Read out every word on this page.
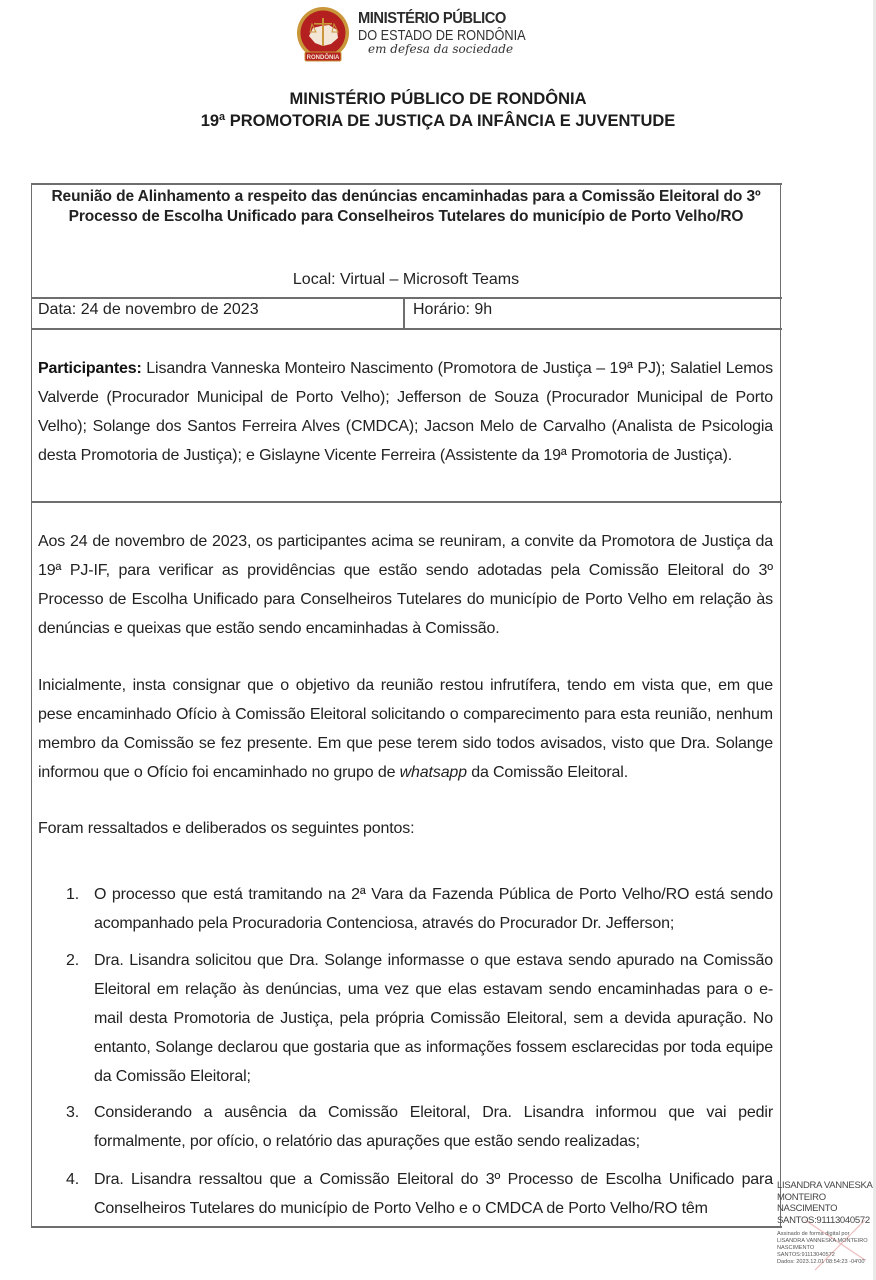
RONDÔNIA
MINISTÉRIO PÚBLICO
DO ESTADO DE RONDÔNIA
em defesa da sociedade
MINISTÉRIO PÚBLICO DE RONDÔNIA
19ª PROMOTORIA DE JUSTIÇA DA INFÂNCIA E JUVENTUDE
Reunião de Alinhamento a respeito das denúncias encaminhadas para a Comissão Eleitoral do 3º Processo de Escolha Unificado para Conselheiros Tutelares do município de Porto Velho/RO
Local: Virtual – Microsoft Teams
Data: 24 de novembro de 2023	Horário: 9h
Participantes: Lisandra Vanneska Monteiro Nascimento (Promotora de Justiça – 19ª PJ); Salatiel Lemos Valverde (Procurador Municipal de Porto Velho); Jefferson de Souza (Procurador Municipal de Porto Velho); Solange dos Santos Ferreira Alves (CMDCA); Jacson Melo de Carvalho (Analista de Psicologia desta Promotoria de Justiça); e Gislayne Vicente Ferreira (Assistente da 19ª Promotoria de Justiça).
Aos 24 de novembro de 2023, os participantes acima se reuniram, a convite da Promotora de Justiça da 19ª PJ-IF, para verificar as providências que estão sendo adotadas pela Comissão Eleitoral do 3º Processo de Escolha Unificado para Conselheiros Tutelares do município de Porto Velho em relação às denúncias e queixas que estão sendo encaminhadas à Comissão.
Inicialmente, insta consignar que o objetivo da reunião restou infrutífera, tendo em vista que, em que pese encaminhado Ofício à Comissão Eleitoral solicitando o comparecimento para esta reunião, nenhum membro da Comissão se fez presente. Em que pese terem sido todos avisados, visto que Dra. Solange informou que o Ofício foi encaminhado no grupo de whatsapp da Comissão Eleitoral.
Foram ressaltados e deliberados os seguintes pontos:
1. O processo que está tramitando na 2ª Vara da Fazenda Pública de Porto Velho/RO está sendo acompanhado pela Procuradoria Contenciosa, através do Procurador Dr. Jefferson;
2. Dra. Lisandra solicitou que Dra. Solange informasse o que estava sendo apurado na Comissão Eleitoral em relação às denúncias, uma vez que elas estavam sendo encaminhadas para o e-mail desta Promotoria de Justiça, pela própria Comissão Eleitoral, sem a devida apuração. No entanto, Solange declarou que gostaria que as informações fossem esclarecidas por toda equipe da Comissão Eleitoral;
3. Considerando a ausência da Comissão Eleitoral, Dra. Lisandra informou que vai pedir formalmente, por ofício, o relatório das apurações que estão sendo realizadas;
4. Dra. Lisandra ressaltou que a Comissão Eleitoral do 3º Processo de Escolha Unificado para Conselheiros Tutelares do município de Porto Velho e o CMDCA de Porto Velho/RO têm
LISANDRA VANNESKA
MONTEIRO
NASCIMENTO
SANTOS:91113040572
Assinado de forma digital por
LISANDRA VANNESKA MONTEIRO
NASCIMENTO
SANTOS:91113040572
Dados: 2023.12.01 08:54:23 -04'00'
